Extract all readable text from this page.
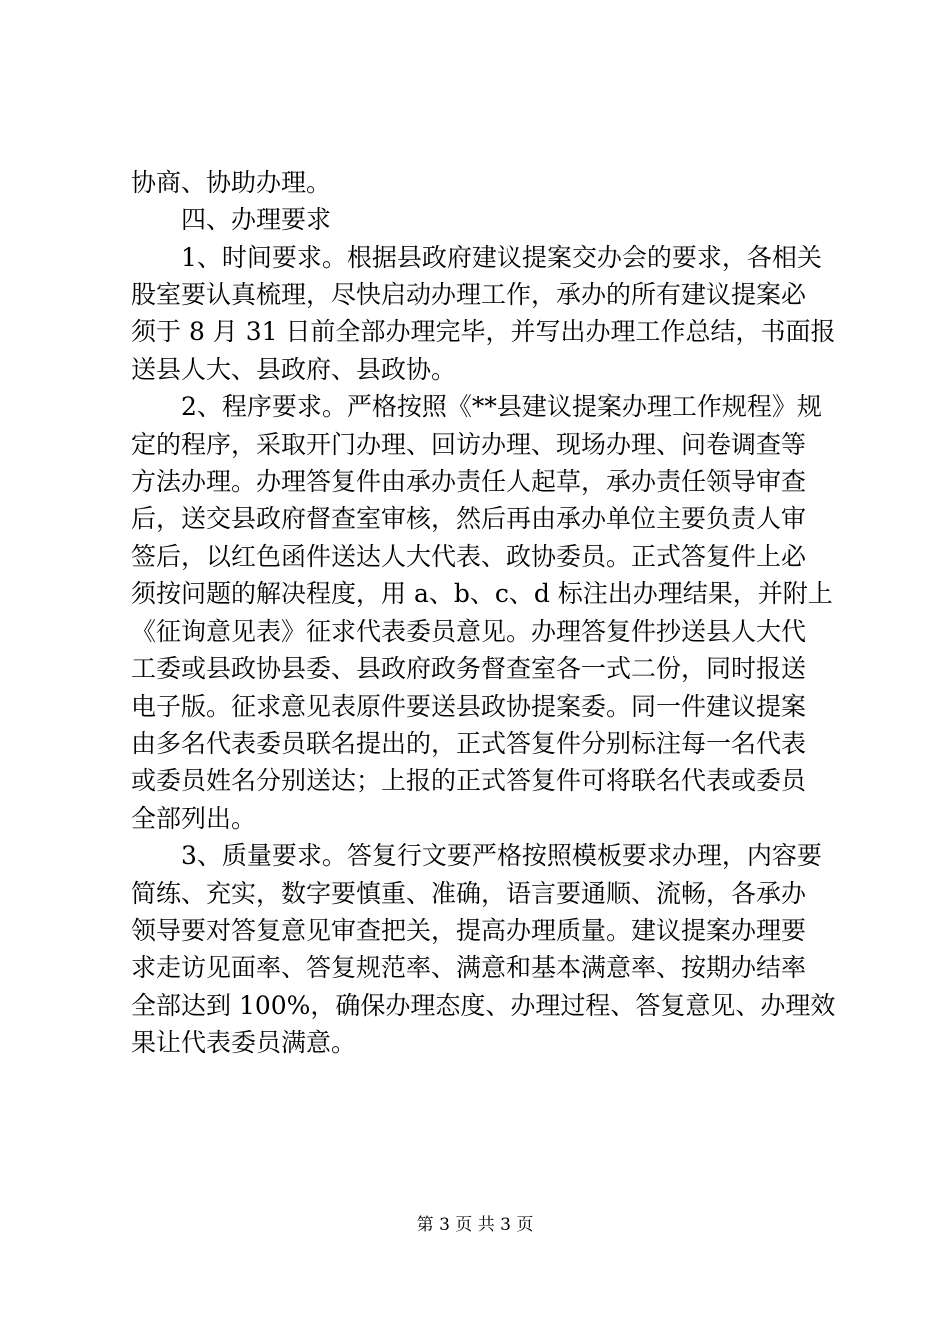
协商、协助办理。
四、办理要求
1、时间要求。根据县政府建议提案交办会的要求，各相关
股室要认真梳理，尽快启动办理工作，承办的所有建议提案必
须于 8 月 31 日前全部办理完毕，并写出办理工作总结，书面报
送县人大、县政府、县政协。
2、程序要求。严格按照《**县建议提案办理工作规程》规
定的程序，采取开门办理、回访办理、现场办理、问卷调查等
方法办理。办理答复件由承办责任人起草，承办责任领导审查
后，送交县政府督查室审核，然后再由承办单位主要负责人审
签后，以红色函件送达人大代表、政协委员。正式答复件上必
须按问题的解决程度，用 a、b、c、d 标注出办理结果，并附上
《征询意见表》征求代表委员意见。办理答复件抄送县人大代
工委或县政协县委、县政府政务督查室各一式二份，同时报送
电子版。征求意见表原件要送县政协提案委。同一件建议提案
由多名代表委员联名提出的，正式答复件分别标注每一名代表
或委员姓名分别送达；上报的正式答复件可将联名代表或委员
全部列出。
3、质量要求。答复行文要严格按照模板要求办理，内容要
简练、充实，数字要慎重、准确，语言要通顺、流畅，各承办
领导要对答复意见审查把关，提高办理质量。建议提案办理要
求走访见面率、答复规范率、满意和基本满意率、按期办结率
全部达到 100%，确保办理态度、办理过程、答复意见、办理效
果让代表委员满意。
第 3 页 共 3 页
